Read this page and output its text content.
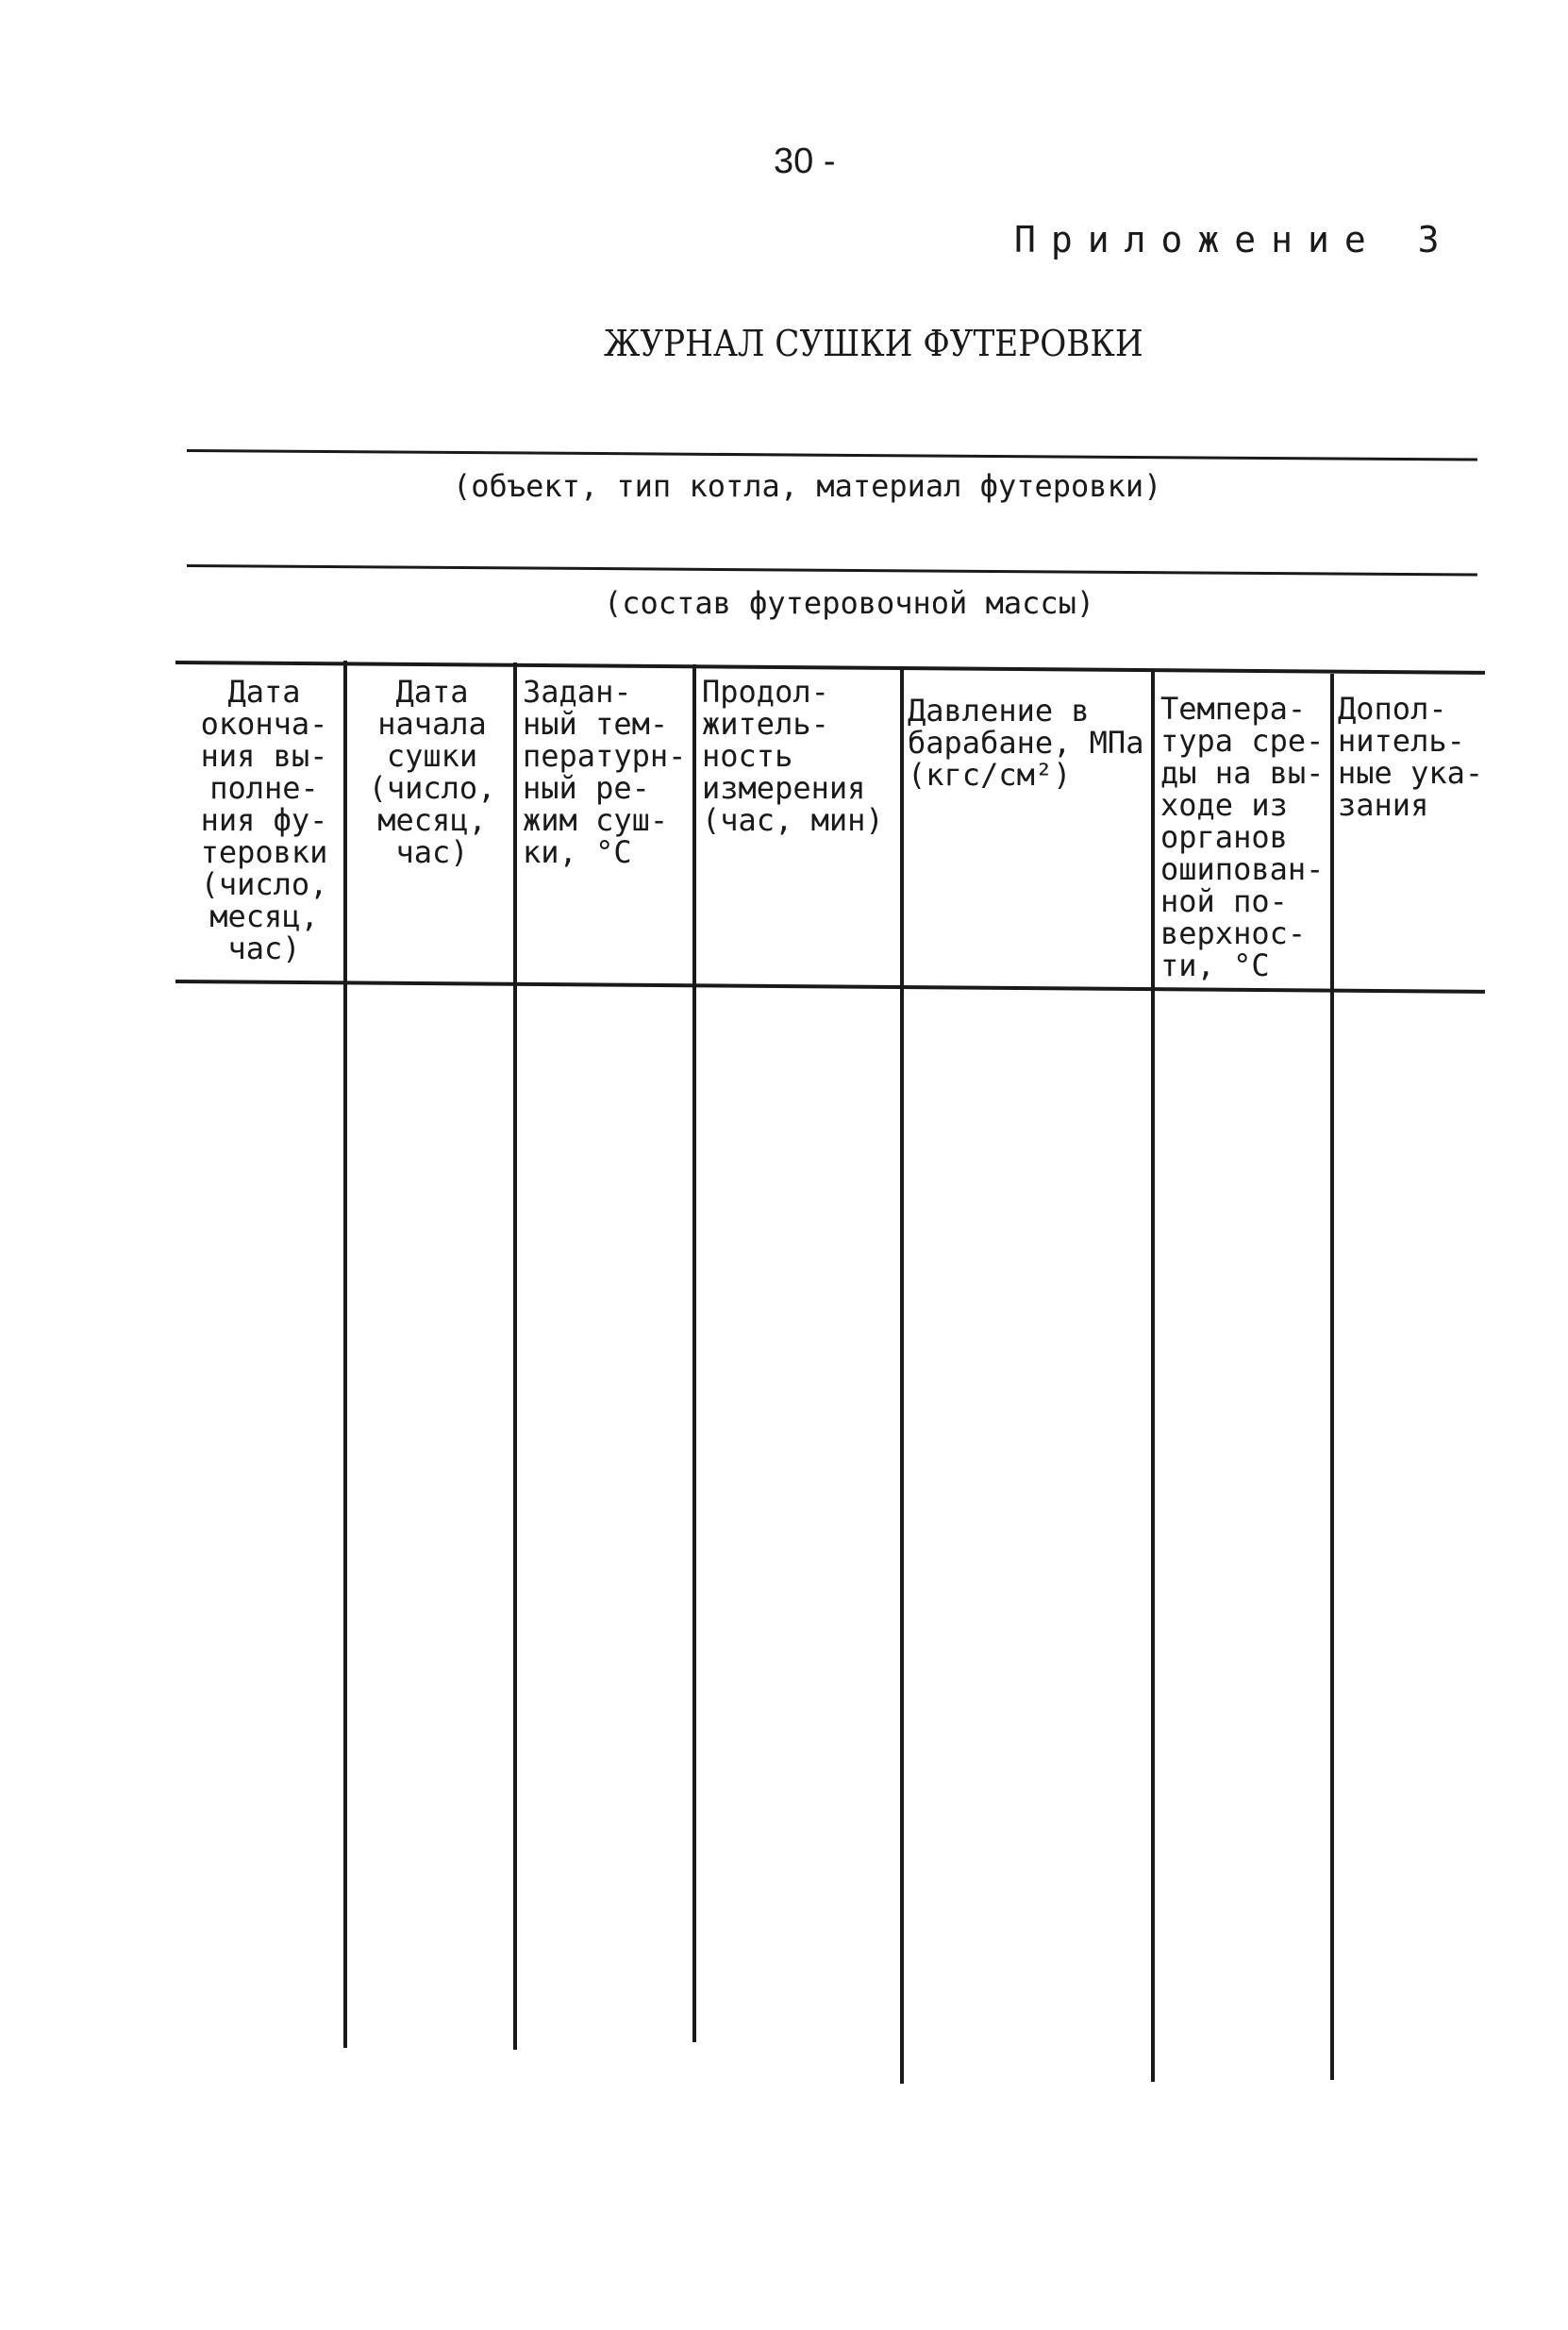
30 -
Приложение 3
ЖУРНАЛ СУШКИ ФУТЕРОВКИ
(объект, тип котла, материал футеровки)
(состав футеровочной массы)
Дата
окончa-
ния вы-
полне-
ния фу-
теровки
(число,
месяц,
час)
Дата
начала
сушки
(число,
месяц,
час)
Задан-
ный тем-
пературн-
ный ре-
жим суш-
ки, °С
Продол-
житель-
ность
измерения
(час, мин)
Давление в
барабане, МПа
(кгс/см²)
Темпера-
тура сре-
ды на вы-
ходе из
органов
ошипован-
ной по-
верхнос-
ти, °С
Допол-
нитель-
ные ука-
зания
